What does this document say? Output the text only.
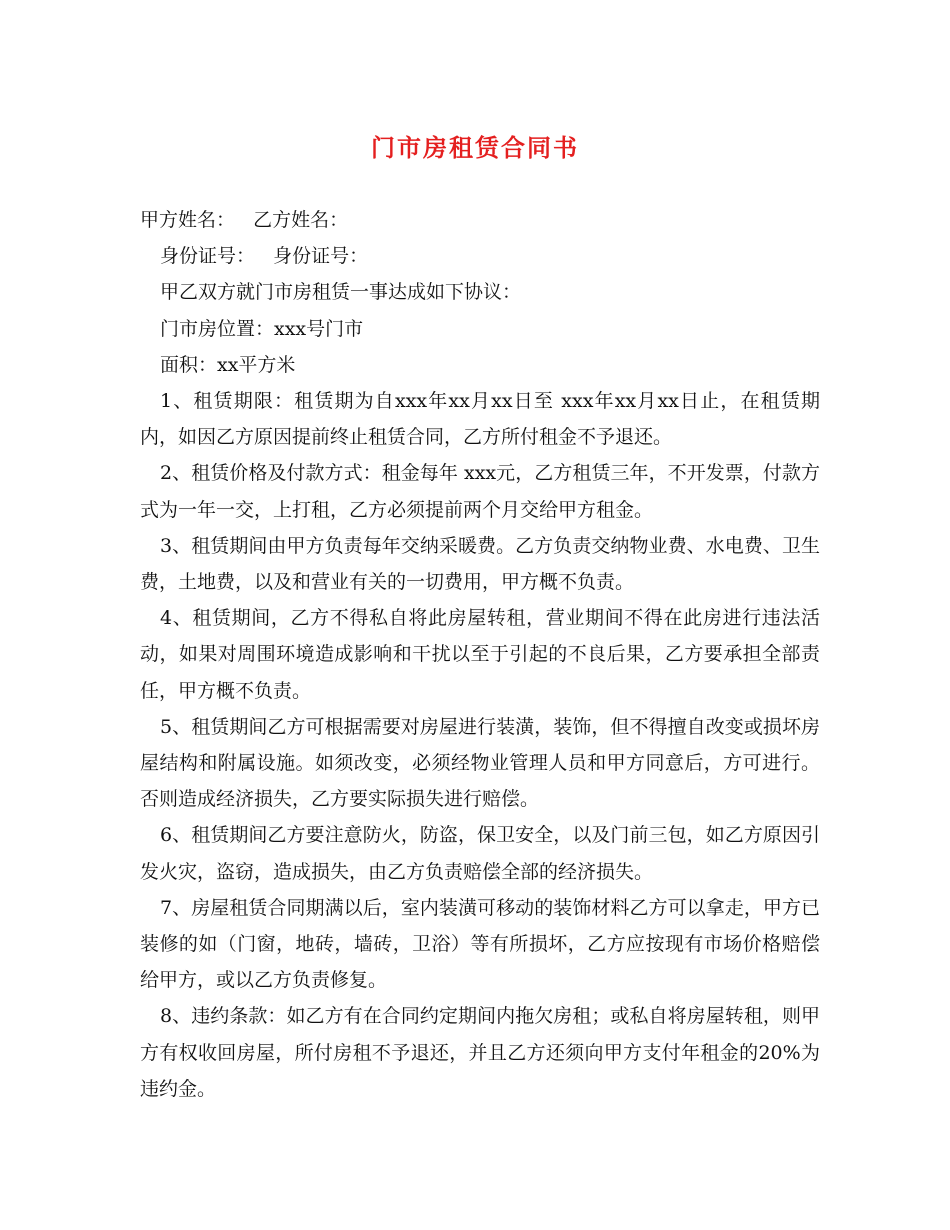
门市房租赁合同书

甲方姓名：   乙方姓名：

身份证号：   身份证号：

甲乙双方就门市房租赁一事达成如下协议：

门市房位置：xxx号门市

面积：xx平方米

1、租赁期限：租赁期为自xxx年xx月xx日至 xxx年xx月xx日止，在租赁期内，如因乙方原因提前终止租赁合同，乙方所付租金不予退还。

2、租赁价格及付款方式：租金每年 xxx元，乙方租赁三年，不开发票，付款方式为一年一交，上打租，乙方必须提前两个月交给甲方租金。

3、租赁期间由甲方负责每年交纳采暖费。乙方负责交纳物业费、水电费、卫生费，土地费，以及和营业有关的一切费用，甲方概不负责。

4、租赁期间，乙方不得私自将此房屋转租，营业期间不得在此房进行违法活动，如果对周围环境造成影响和干扰以至于引起的不良后果，乙方要承担全部责任，甲方概不负责。

5、租赁期间乙方可根据需要对房屋进行装潢，装饰，但不得擅自改变或损坏房屋结构和附属设施。如须改变，必须经物业管理人员和甲方同意后，方可进行。否则造成经济损失，乙方要实际损失进行赔偿。

6、租赁期间乙方要注意防火，防盗，保卫安全，以及门前三包，如乙方原因引发火灾，盗窃，造成损失，由乙方负责赔偿全部的经济损失。

7、房屋租赁合同期满以后，室内装潢可移动的装饰材料乙方可以拿走，甲方已装修的如（门窗，地砖，墙砖，卫浴）等有所损坏，乙方应按现有市场价格赔偿给甲方，或以乙方负责修复。

8、违约条款：如乙方有在合同约定期间内拖欠房租；或私自将房屋转租，则甲方有权收回房屋，所付房租不予退还，并且乙方还须向甲方支付年租金的20%为违约金。
